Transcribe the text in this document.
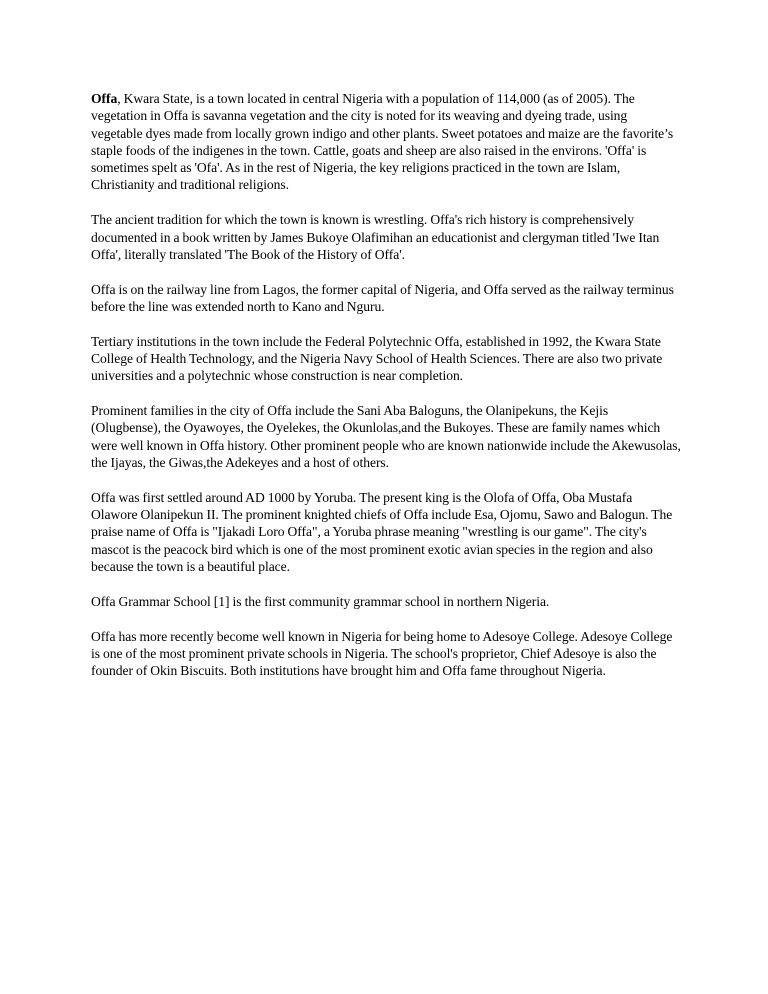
Offa, Kwara State, is a town located in central Nigeria with a population of 114,000 (as of 2005). The vegetation in Offa is savanna vegetation and the city is noted for its weaving and dyeing trade, using vegetable dyes made from locally grown indigo and other plants. Sweet potatoes and maize are the favorite’s staple foods of the indigenes in the town. Cattle, goats and sheep are also raised in the environs. 'Offa' is sometimes spelt as 'Ofa'. As in the rest of Nigeria, the key religions practiced in the town are Islam, Christianity and traditional religions.

The ancient tradition for which the town is known is wrestling. Offa's rich history is comprehensively documented in a book written by James Bukoye Olafimihan an educationist and clergyman titled 'Iwe Itan Offa', literally translated 'The Book of the History of Offa'.

Offa is on the railway line from Lagos, the former capital of Nigeria, and Offa served as the railway terminus before the line was extended north to Kano and Nguru.

Tertiary institutions in the town include the Federal Polytechnic Offa, established in 1992, the Kwara State College of Health Technology, and the Nigeria Navy School of Health Sciences. There are also two private universities and a polytechnic whose construction is near completion.

Prominent families in the city of Offa include the Sani Aba Baloguns, the Olanipekuns, the Kejis (Olugbense), the Oyawoyes, the Oyelekes, the Okunlolas,and the Bukoyes. These are family names which were well known in Offa history. Other prominent people who are known nationwide include the Akewusolas, the Ijayas, the Giwas,the Adekeyes and a host of others.

Offa was first settled around AD 1000 by Yoruba. The present king is the Olofa of Offa, Oba Mustafa Olawore Olanipekun II. The prominent knighted chiefs of Offa include Esa, Ojomu, Sawo and Balogun. The praise name of Offa is "Ijakadi Loro Offa", a Yoruba phrase meaning "wrestling is our game". The city's mascot is the peacock bird which is one of the most prominent exotic avian species in the region and also because the town is a beautiful place.

Offa Grammar School [1] is the first community grammar school in northern Nigeria.

Offa has more recently become well known in Nigeria for being home to Adesoye College. Adesoye College is one of the most prominent private schools in Nigeria. The school's proprietor, Chief Adesoye is also the founder of Okin Biscuits. Both institutions have brought him and Offa fame throughout Nigeria.
